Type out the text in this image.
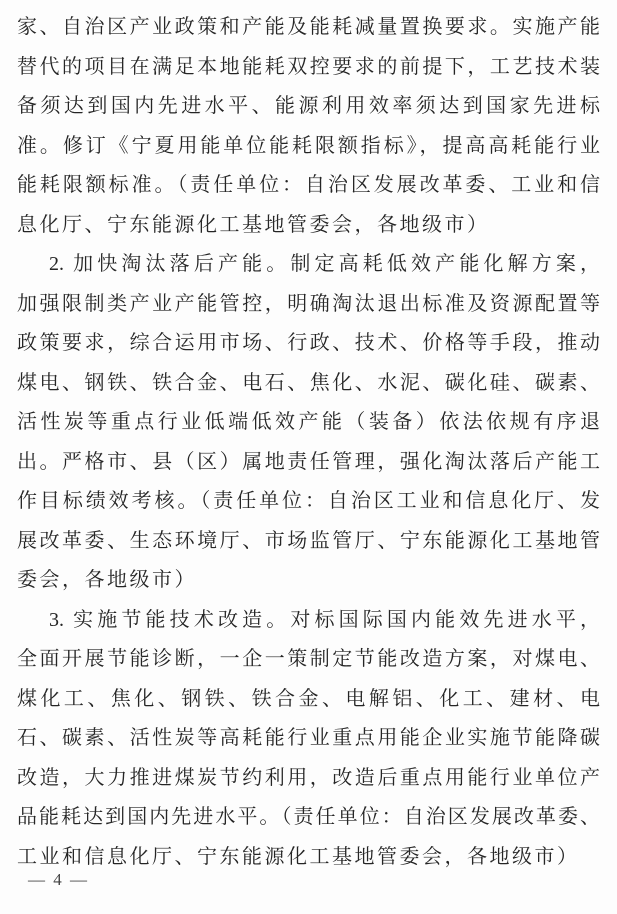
家、自治区产业政策和产能及能耗减量置换要求。实施产能
替代的项目在满足本地能耗双控要求的前提下，工艺技术装
备须达到国内先进水平、能源利用效率须达到国家先进标
准。修订《宁夏用能单位能耗限额指标》，提高高耗能行业
能耗限额标准。（责任单位：自治区发展改革委、工业和信
息化厅、宁东能源化工基地管委会，各地级市）
2. 加快淘汰落后产能。制定高耗低效产能化解方案，
加强限制类产业产能管控，明确淘汰退出标准及资源配置等
政策要求，综合运用市场、行政、技术、价格等手段，推动
煤电、钢铁、铁合金、电石、焦化、水泥、碳化硅、碳素、
活性炭等重点行业低端低效产能（装备）依法依规有序退
出。严格市、县（区）属地责任管理，强化淘汰落后产能工
作目标绩效考核。（责任单位：自治区工业和信息化厅、发
展改革委、生态环境厅、市场监管厅、宁东能源化工基地管
委会，各地级市）
3. 实施节能技术改造。对标国际国内能效先进水平，
全面开展节能诊断，一企一策制定节能改造方案，对煤电、
煤化工、焦化、钢铁、铁合金、电解铝、化工、建材、电
石、碳素、活性炭等高耗能行业重点用能企业实施节能降碳
改造，大力推进煤炭节约利用，改造后重点用能行业单位产
品能耗达到国内先进水平。（责任单位：自治区发展改革委、
工业和信息化厅、宁东能源化工基地管委会，各地级市）
— 4 —
